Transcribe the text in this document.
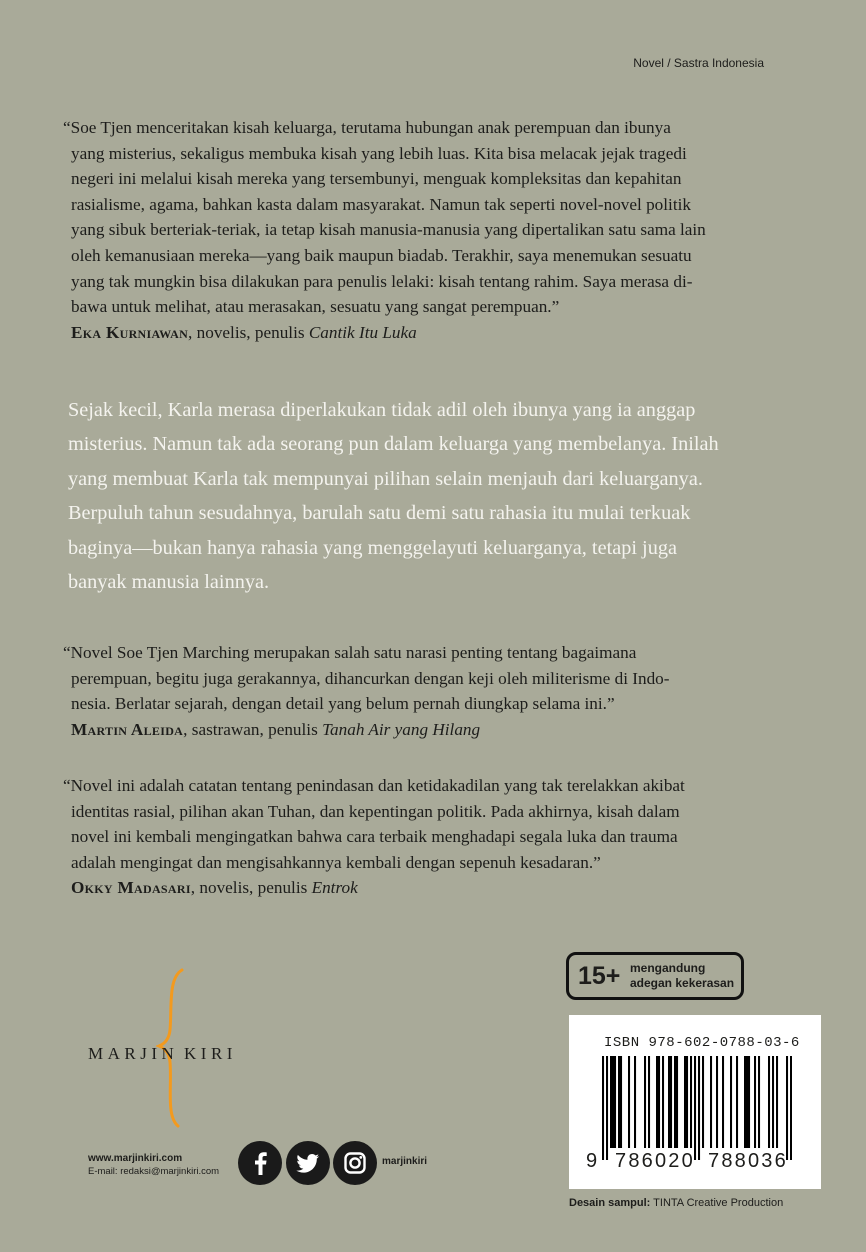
Novel / Sastra Indonesia
“Soe Tjen menceritakan kisah keluarga, terutama hubungan anak perempuan dan ibunya
yang misterius, sekaligus membuka kisah yang lebih luas. Kita bisa melacak jejak tragedi
negeri ini melalui kisah mereka yang tersembunyi, menguak kompleksitas dan kepahitan
rasialisme, agama, bahkan kasta dalam masyarakat. Namun tak seperti novel-novel politik
yang sibuk berteriak-teriak, ia tetap kisah manusia-manusia yang dipertalikan satu sama lain
oleh kemanusiaan mereka—yang baik maupun biadab. Terakhir, saya menemukan sesuatu
yang tak mungkin bisa dilakukan para penulis lelaki: kisah tentang rahim. Saya merasa di-
bawa untuk melihat, atau merasakan, sesuatu yang sangat perempuan.”
Eka Kurniawan, novelis, penulis Cantik Itu Luka
Sejak kecil, Karla merasa diperlakukan tidak adil oleh ibunya yang ia anggap
misterius. Namun tak ada seorang pun dalam keluarga yang membelanya. Inilah
yang membuat Karla tak mempunyai pilihan selain menjauh dari keluarganya.
Berpuluh tahun sesudahnya, barulah satu demi satu rahasia itu mulai terkuak
baginya—bukan hanya rahasia yang menggelayuti keluarganya, tetapi juga
banyak manusia lainnya.
“Novel Soe Tjen Marching merupakan salah satu narasi penting tentang bagaimana
perempuan, begitu juga gerakannya, dihancurkan dengan keji oleh militerisme di Indo-
nesia. Berlatar sejarah, dengan detail yang belum pernah diungkap selama ini.”
Martin Aleida, sastrawan, penulis Tanah Air yang Hilang
“Novel ini adalah catatan tentang penindasan dan ketidakadilan yang tak terelakkan akibat
identitas rasial, pilihan akan Tuhan, dan kepentingan politik. Pada akhirnya, kisah dalam
novel ini kembali mengingatkan bahwa cara terbaik menghadapi segala luka dan trauma
adalah mengingat dan mengisahkannya kembali dengan sepenuh kesadaran.”
Okky Madasari, novelis, penulis Entrok
MARJIN KIRI
www.marjinkiri.com
E-mail: redaksi@marjinkiri.com
marjinkiri
15+ mengandung
adegan kekerasan
ISBN 978-602-0788-03-6
9 786020 788036
Desain sampul: TINTA Creative Production
